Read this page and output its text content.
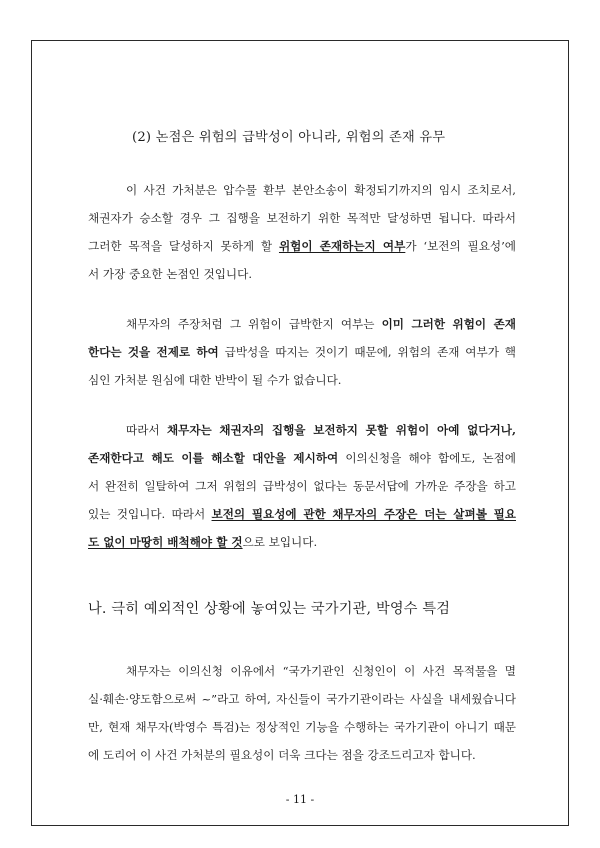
(2) 논점은 위험의 급박성이 아니라, 위험의 존재 유무
이 사건 가처분은 압수물 환부 본안소송이 확정되기까지의 임시 조치로서,
채권자가 승소할 경우 그 집행을 보전하기 위한 목적만 달성하면 됩니다. 따라서
그러한 목적을 달성하지 못하게 할 위험이 존재하는지 여부가 ‘보전의 필요성’에
서 가장 중요한 논점인 것입니다.
채무자의 주장처럼 그 위험이 급박한지 여부는 이미 그러한 위험이 존재
한다는 것을 전제로 하여 급박성을 따지는 것이기 때문에, 위험의 존재 여부가 핵
심인 가처분 원심에 대한 반박이 될 수가 없습니다.
따라서 채무자는 채권자의 집행을 보전하지 못할 위험이 아예 없다거나,
존재한다고 해도 이를 해소할 대안을 제시하여 이의신청을 해야 함에도, 논점에
서 완전히 일탈하여 그저 위험의 급박성이 없다는 동문서답에 가까운 주장을 하고
있는 것입니다. 따라서 보전의 필요성에 관한 채무자의 주장은 더는 살펴볼 필요
도 없이 마땅히 배척해야 할 것으로 보입니다.
나. 극히 예외적인 상황에 놓여있는 국가기관, 박영수 특검
채무자는 이의신청 이유에서 “국가기관인 신청인이 이 사건 목적물을 멸
실·훼손·양도함으로써 ~”라고 하여, 자신들이 국가기관이라는 사실을 내세웠습니다
만, 현재 채무자(박영수 특검)는 정상적인 기능을 수행하는 국가기관이 아니기 때문
에 도리어 이 사건 가처분의 필요성이 더욱 크다는 점을 강조드리고자 합니다.
- 11 -
